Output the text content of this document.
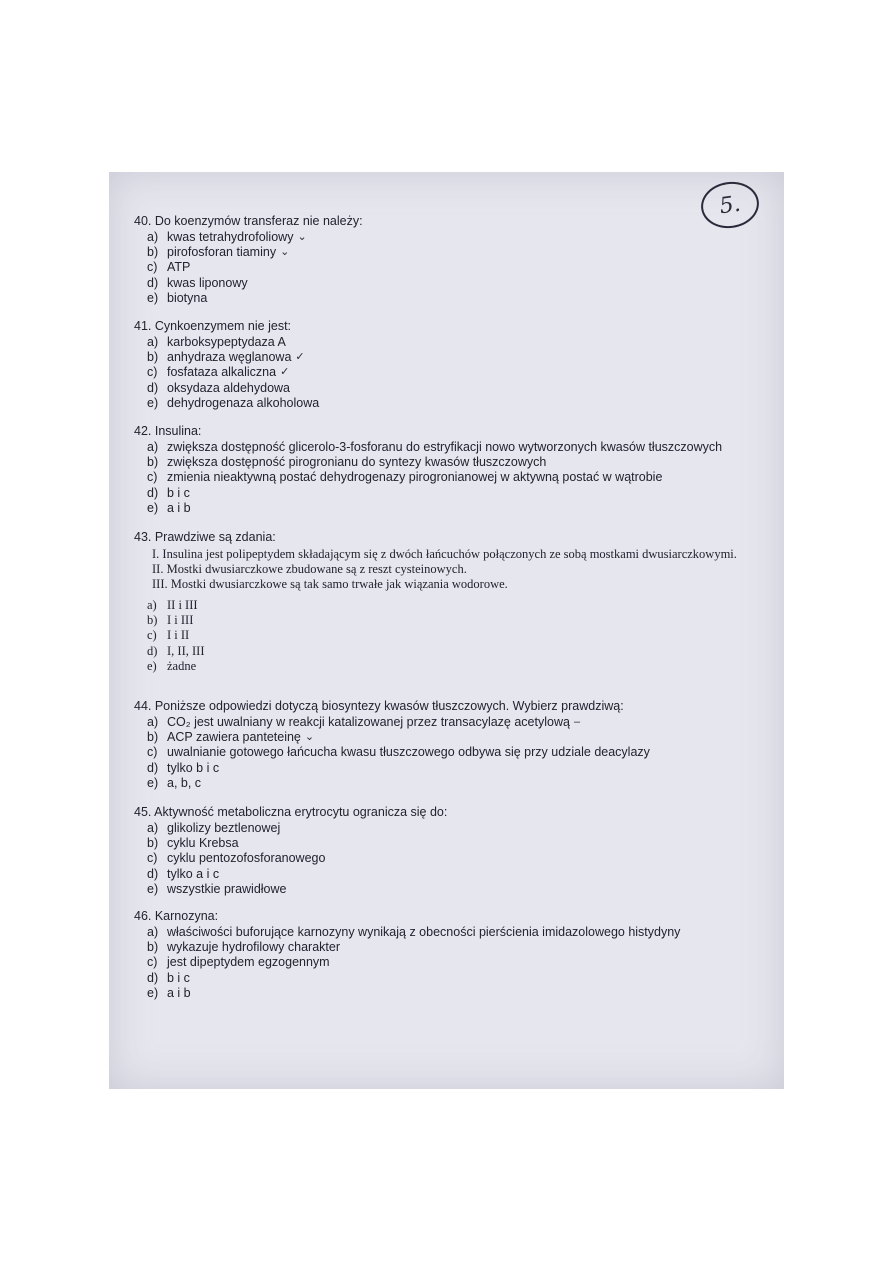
5.
40. Do koenzymów transferaz nie należy:
a) kwas tetrahydrofoliowy ⌄
b) pirofosforan tiaminy ⌄
c) ATP
d) kwas liponowy
e) biotyna
41. Cynkoenzymem nie jest:
a) karboksypeptydaza A
b) anhydraza węglanowa ✓
c) fosfataza alkaliczna ✓
d) oksydaza aldehydowa
e) dehydrogenaza alkoholowa
42. Insulina:
a) zwiększa dostępność glicerolo-3-fosforanu do estryfikacji nowo wytworzonych kwasów tłuszczowych
b) zwiększa dostępność pirogronianu do syntezy kwasów tłuszczowych
c) zmienia nieaktywną postać dehydrogenazy pirogronianowej w aktywną postać w wątrobie
d) b i c
e) a i b
43. Prawdziwe są zdania:
I. Insulina jest polipeptydem składającym się z dwóch łańcuchów połączonych ze sobą mostkami dwusiarczkowymi.
II. Mostki dwusiarczkowe zbudowane są z reszt cysteinowych.
III. Mostki dwusiarczkowe są tak samo trwałe jak wiązania wodorowe.
a) II i III
b) I i III
c) I i II
d) I, II, III
e) żadne
44. Poniższe odpowiedzi dotyczą biosyntezy kwasów tłuszczowych. Wybierz prawdziwą:
a) CO₂ jest uwalniany w reakcji katalizowanej przez transacylazę acetylową –
b) ACP zawiera panteteinę ⌄
c) uwalnianie gotowego łańcucha kwasu tłuszczowego odbywa się przy udziale deacylazy
d) tylko b i c
e) a, b, c
45. Aktywność metaboliczna erytrocytu ogranicza się do:
a) glikolizy beztlenowej
b) cyklu Krebsa
c) cyklu pentozofosforanowego
d) tylko a i c
e) wszystkie prawidłowe
46. Karnozyna:
a) właściwości buforujące karnozyny wynikają z obecności pierścienia imidazolowego histydyny
b) wykazuje hydrofilowy charakter
c) jest dipeptydem egzogennym
d) b i c
e) a i b
